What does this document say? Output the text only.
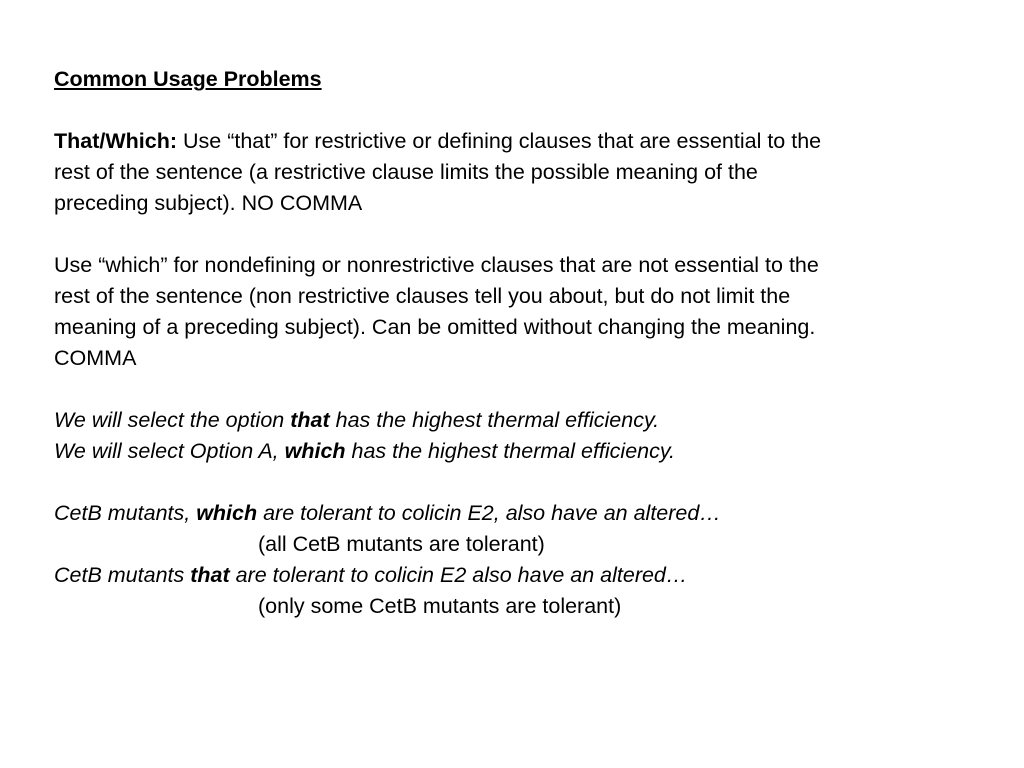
Common Usage Problems
That/Which: Use “that” for restrictive or defining clauses that are essential to the
rest of the sentence (a restrictive clause limits the possible meaning of the
preceding subject). NO COMMA
Use “which” for nondefining or nonrestrictive clauses that are not essential to the
rest of the sentence (non restrictive clauses tell you about, but do not limit the
meaning of a preceding subject). Can be omitted without changing the meaning.
COMMA
We will select the option that has the highest thermal efficiency.
We will select Option A, which has the highest thermal efficiency.
CetB mutants, which are tolerant to colicin E2, also have an altered…
(all CetB mutants are tolerant)
CetB mutants that are tolerant to colicin E2 also have an altered…
(only some CetB mutants are tolerant)
